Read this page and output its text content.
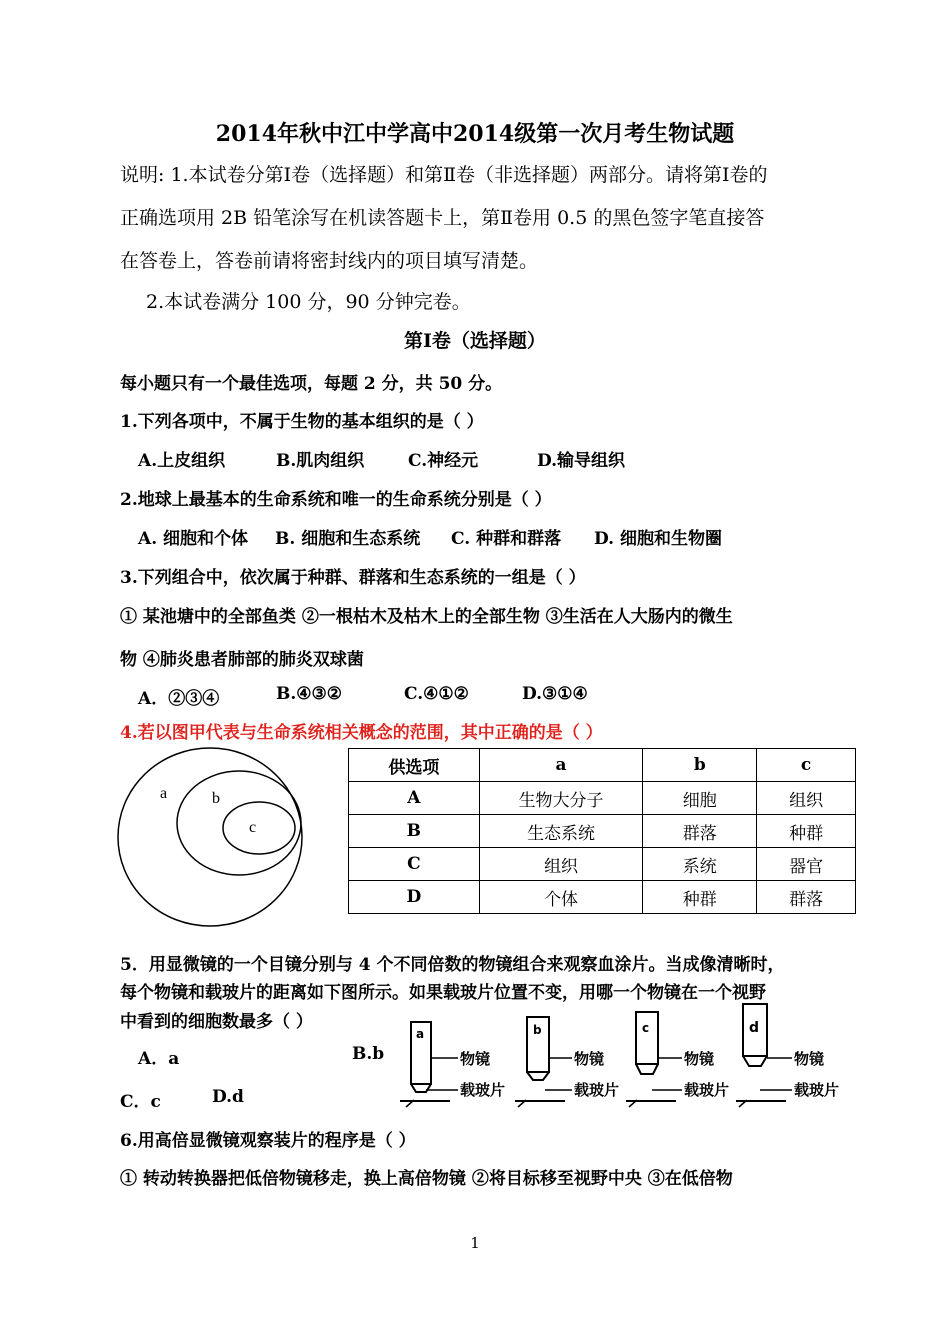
2014年秋中江中学高中2014级第一次月考生物试题
说明: 1.本试卷分第Ⅰ卷（选择题）和第Ⅱ卷（非选择题）两部分。请将第Ⅰ卷的
正确选项用 2B 铅笔涂写在机读答题卡上，第Ⅱ卷用 0.5 的黑色签字笔直接答
在答卷上，答卷前请将密封线内的项目填写清楚。
2.本试卷满分 100 分，90 分钟完卷。
第Ⅰ卷（选择题）
每小题只有一个最佳选项，每题 2 分，共 50 分。
1.下列各项中，不属于生物的基本组织的是（ ）
A.上皮组织	B.肌肉组织	C.神经元	D.输导组织
2.地球上最基本的生命系统和唯一的生命系统分别是（ ）
A. 细胞和个体 B. 细胞和生态系统 C. 种群和群落 D. 细胞和生物圈
3.下列组合中，依次属于种群、群落和生态系统的一组是（ ）
① 某池塘中的全部鱼类 ②一根枯木及枯木上的全部生物 ③生活在人大肠内的微生
物 ④肺炎患者肺部的肺炎双球菌
A．②③④	B.④③②	C.④①②	D.③①④
4.若以图甲代表与生命系统相关概念的范围，其中正确的是（ ）
a	b
c
供选项	a	b	c
A	生物大分子	细胞	组织
B	生态系统	群落	种群
C	组织	系统	器官
D	个体	种群	群落
5．用显微镜的一个目镜分别与 4 个不同倍数的物镜组合来观察血涂片。当成像清晰时，
每个物镜和载玻片的距离如下图所示。如果载玻片位置不变，用哪一个物镜在一个视野
中看到的细胞数最多（ ）
A．a	B.b
C．c	D.d
a
物镜
载玻片
b
物镜
载玻片
c
物镜
载玻片
d
物镜
载玻片
6.用高倍显微镜观察装片的程序是（ ）
① 转动转换器把低倍物镜移走，换上高倍物镜 ②将目标移至视野中央 ③在低倍物
1
